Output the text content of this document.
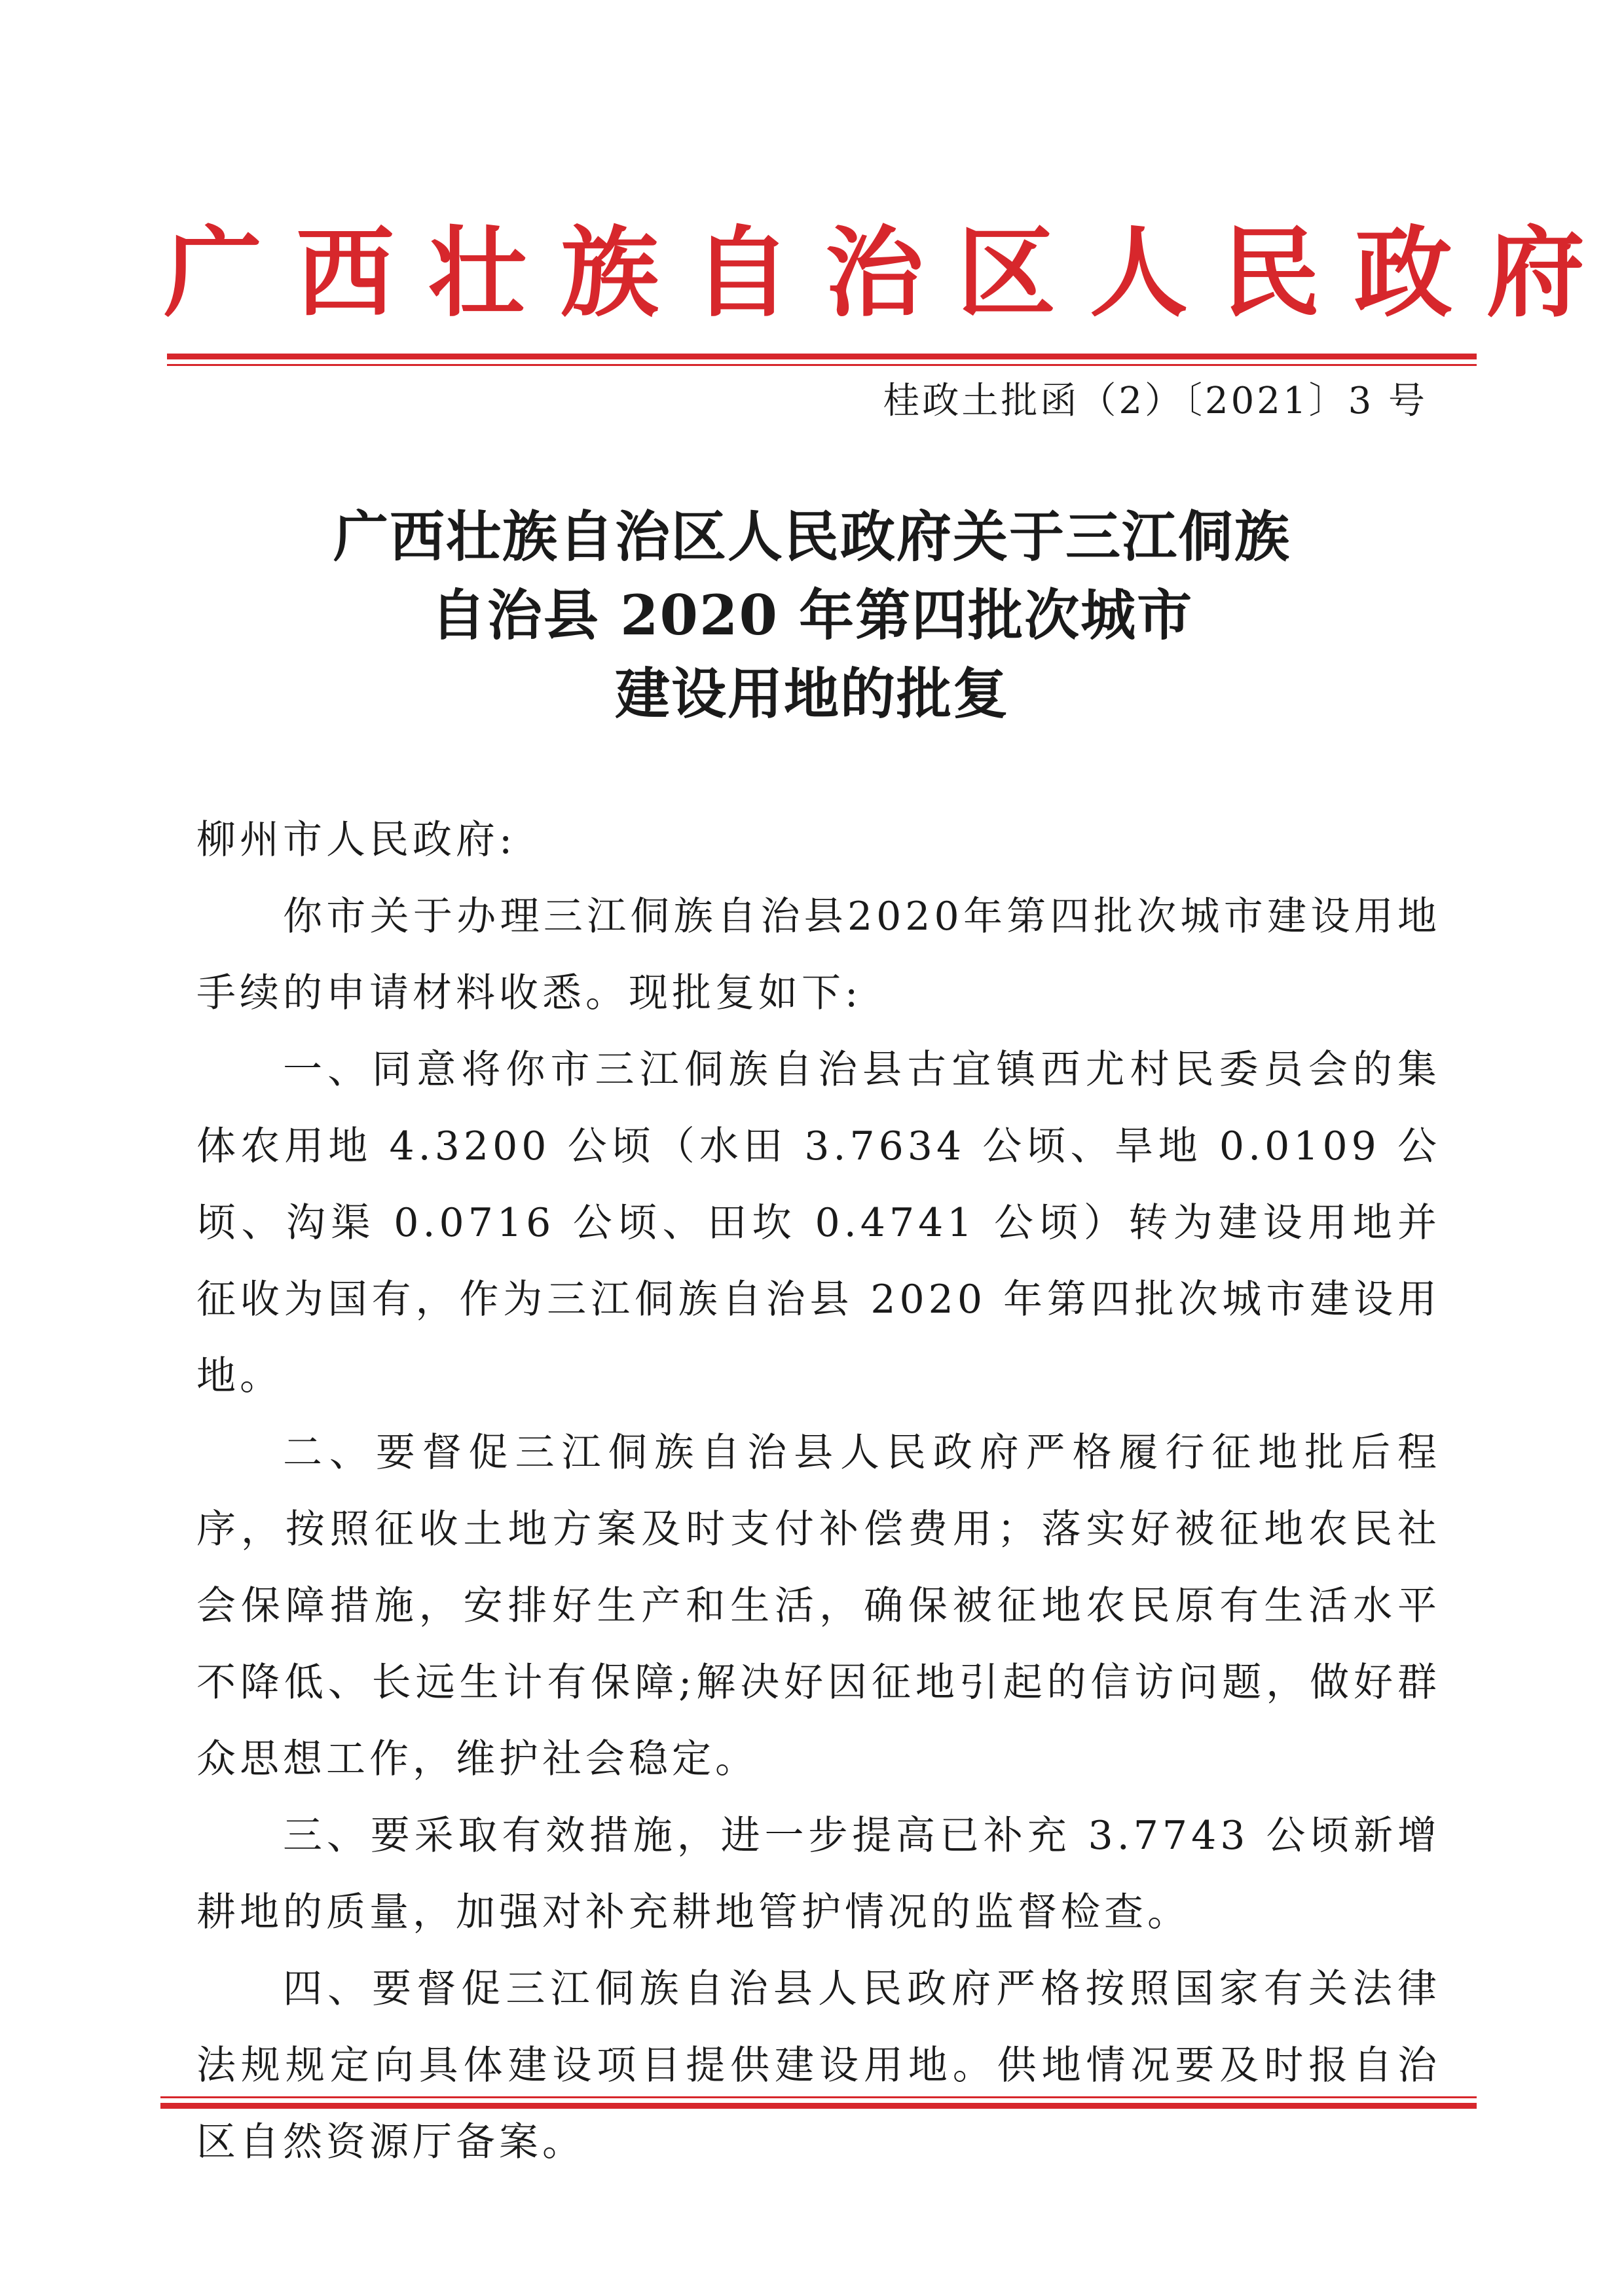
广西壮族自治区人民政府
桂政土批函（2）〔2021〕3 号
广西壮族自治区人民政府关于三江侗族
自治县 2020 年第四批次城市
建设用地的批复

柳州市人民政府:

你市关于办理三江侗族自治县2020年第四批次城市建设用地手续的申请材料收悉。现批复如下:

一、同意将你市三江侗族自治县古宜镇西尤村民委员会的集体农用地 4.3200 公顷（水田 3.7634 公顷、旱地 0.0109 公顷、沟渠 0.0716 公顷、田坎 0.4741 公顷）转为建设用地并征收为国有，作为三江侗族自治县 2020 年第四批次城市建设用地。

二、要督促三江侗族自治县人民政府严格履行征地批后程序，按照征收土地方案及时支付补偿费用；落实好被征地农民社会保障措施，安排好生产和生活，确保被征地农民原有生活水平不降低、长远生计有保障;解决好因征地引起的信访问题，做好群众思想工作，维护社会稳定。

三、要采取有效措施，进一步提高已补充 3.7743 公顷新增耕地的质量，加强对补充耕地管护情况的监督检查。

四、要督促三江侗族自治县人民政府严格按照国家有关法律法规规定向具体建设项目提供建设用地。供地情况要及时报自治区自然资源厅备案。
